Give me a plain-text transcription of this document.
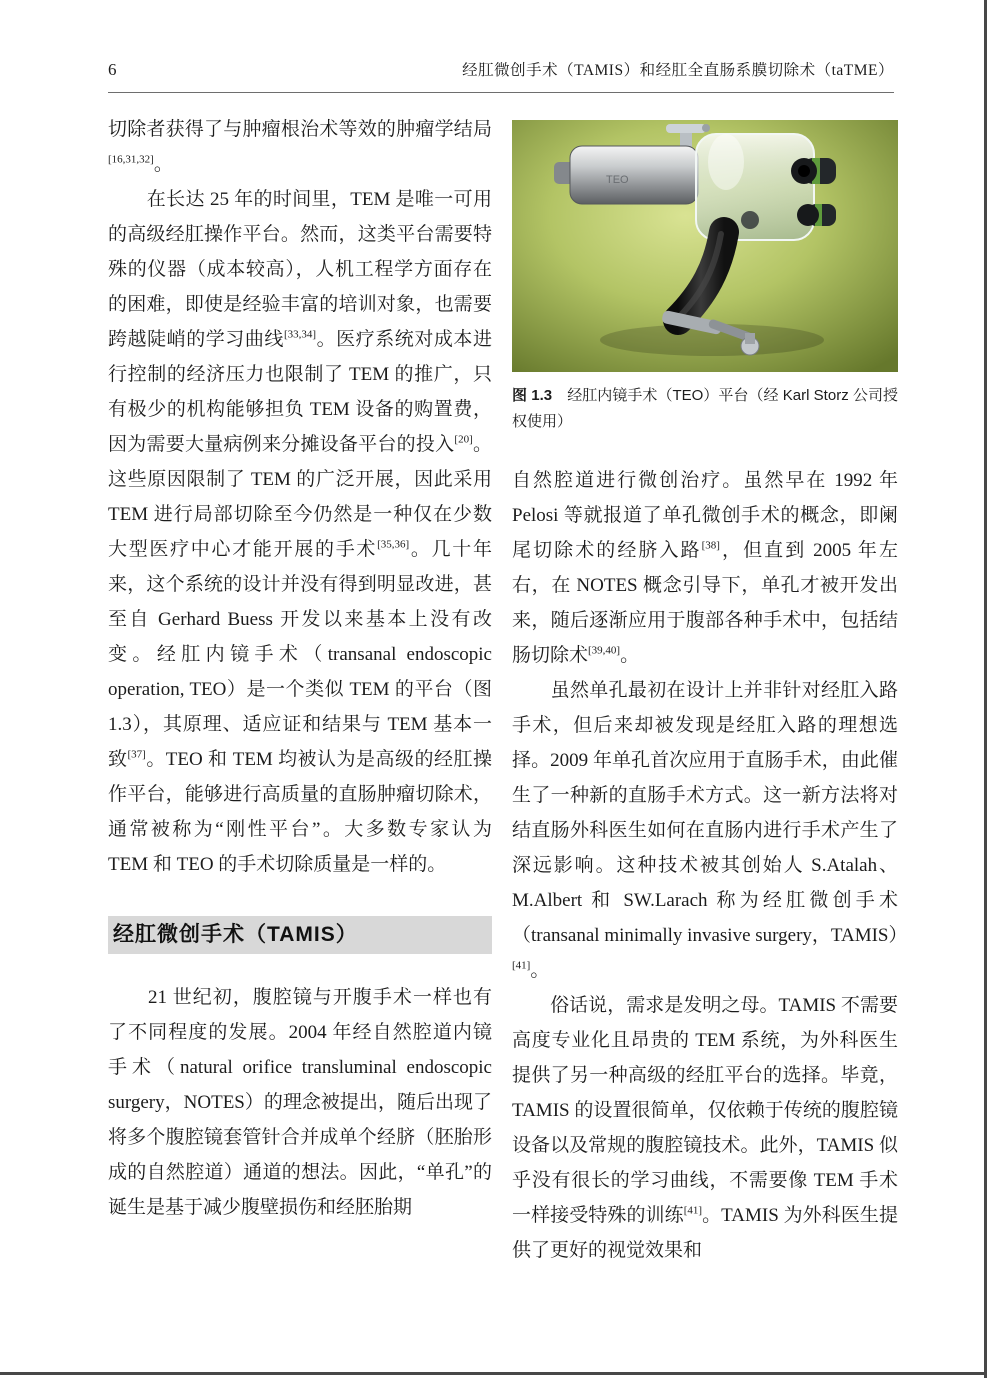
6	经肛微创手术（TAMIS）和经肛全直肠系膜切除术（taTME）

切除者获得了与肿瘤根治术等效的肿瘤学结局[16,31,32]。

　　在长达 25 年的时间里，TEM 是唯一可用的高级经肛操作平台。然而，这类平台需要特殊的仪器（成本较高），人机工程学方面存在的困难，即使是经验丰富的培训对象，也需要跨越陡峭的学习曲线[33,34]。医疗系统对成本进行控制的经济压力也限制了 TEM 的推广，只有极少的机构能够担负 TEM 设备的购置费，因为需要大量病例来分摊设备平台的投入[20]。这些原因限制了 TEM 的广泛开展，因此采用 TEM 进行局部切除至今仍然是一种仅在少数大型医疗中心才能开展的手术[35,36]。几十年来，这个系统的设计并没有得到明显改进，甚至自 Gerhard Buess 开发以来基本上没有改变。经肛内镜手术（transanal endoscopic operation, TEO）是一个类似 TEM 的平台（图 1.3），其原理、适应证和结果与 TEM 基本一致[37]。TEO 和 TEM 均被认为是高级的经肛操作平台，能够进行高质量的直肠肿瘤切除术，通常被称为“刚性平台”。大多数专家认为 TEM 和 TEO 的手术切除质量是一样的。

经肛微创手术（TAMIS）

　　21 世纪初，腹腔镜与开腹手术一样也有了不同程度的发展。2004 年经自然腔道内镜手术（natural orifice transluminal endoscopic surgery，NOTES）的理念被提出，随后出现了将多个腹腔镜套管针合并成单个经脐（胚胎形成的自然腔道）通道的想法。因此，“单孔”的诞生是基于减少腹壁损伤和经胚胎期

TEO
图 1.3　经肛内镜手术（TEO）平台（经 Karl Storz 公司授权使用）

自然腔道进行微创治疗。虽然早在 1992 年 Pelosi 等就报道了单孔微创手术的概念，即阑尾切除术的经脐入路[38]，但直到 2005 年左右，在 NOTES 概念引导下，单孔才被开发出来，随后逐渐应用于腹部各种手术中，包括结肠切除术[39,40]。

　　虽然单孔最初在设计上并非针对经肛入路手术，但后来却被发现是经肛入路的理想选择。2009 年单孔首次应用于直肠手术，由此催生了一种新的直肠手术方式。这一新方法将对结直肠外科医生如何在直肠内进行手术产生了深远影响。这种技术被其创始人 S.Atalah、M.Albert 和 SW.Larach 称为经肛微创手术（transanal minimally invasive surgery，TAMIS）[41]。

　　俗话说，需求是发明之母。TAMIS 不需要高度专业化且昂贵的 TEM 系统，为外科医生提供了另一种高级的经肛平台的选择。毕竟，TAMIS 的设置很简单，仅依赖于传统的腹腔镜设备以及常规的腹腔镜技术。此外，TAMIS 似乎没有很长的学习曲线，不需要像 TEM 手术一样接受特殊的训练[41]。TAMIS 为外科医生提供了更好的视觉效果和
